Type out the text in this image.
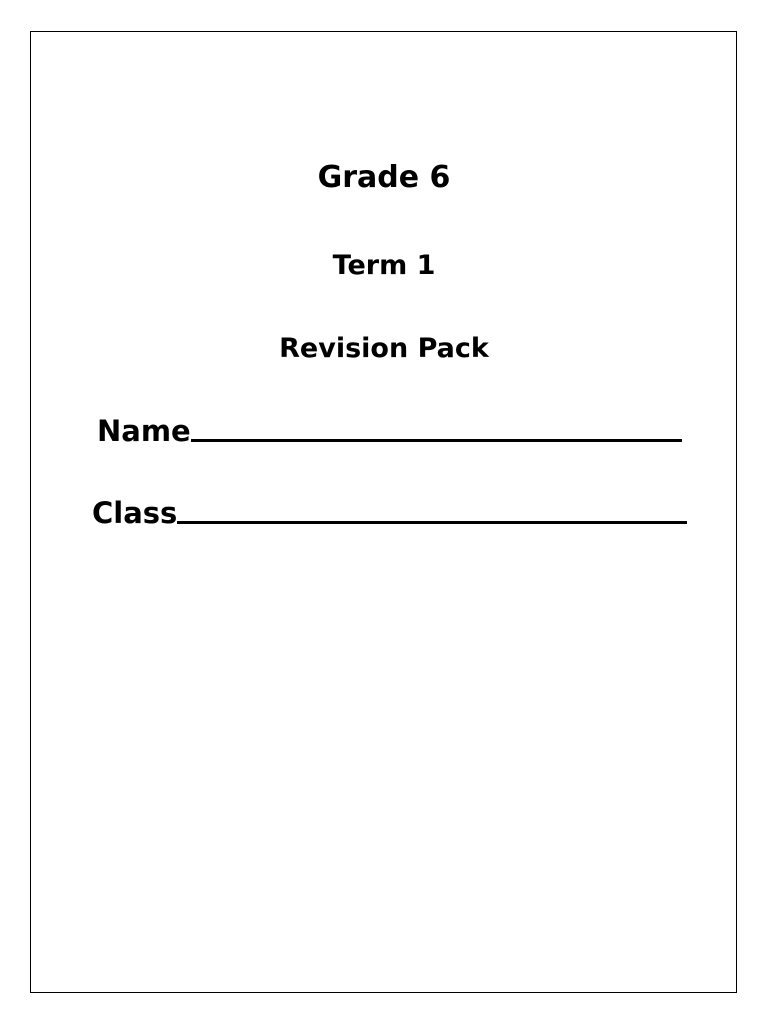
Grade 6
Term 1
Revision Pack
Name
Class
